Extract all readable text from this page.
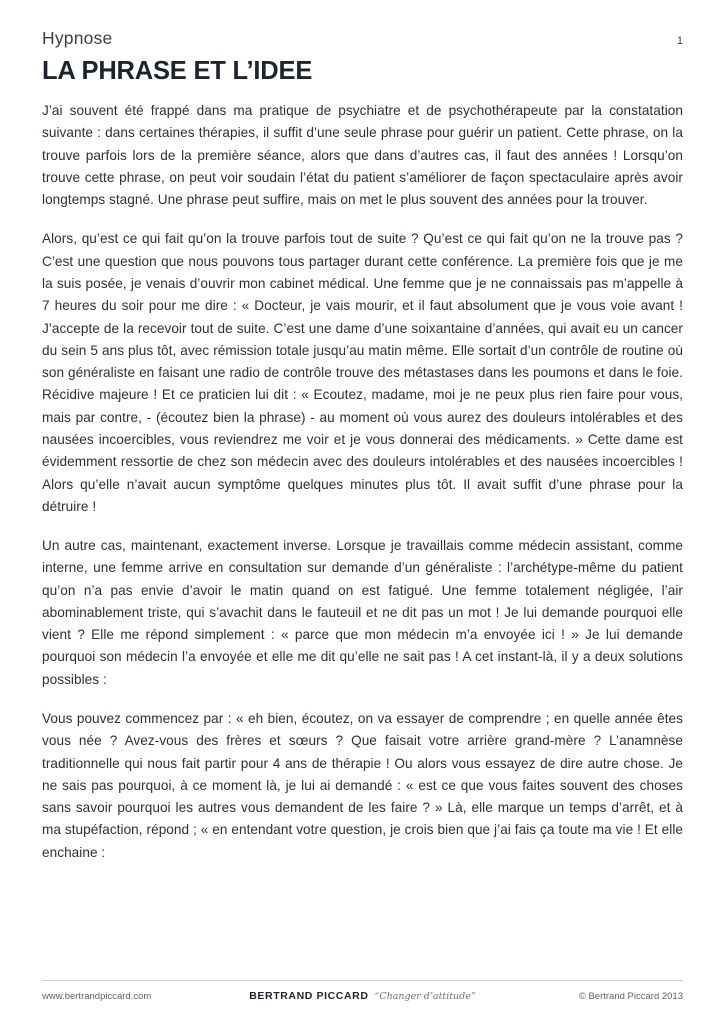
Hypnose	1
LA PHRASE ET L’IDEE

J’ai souvent été frappé dans ma pratique de psychiatre et de psychothérapeute par la constatation suivante : dans certaines thérapies, il suffit d’une seule phrase pour guérir un patient. Cette phrase, on la trouve parfois lors de la première séance, alors que dans d’autres cas, il faut des années ! Lorsqu’on trouve cette phrase, on peut voir soudain l’état du patient s’améliorer de façon spectaculaire après avoir longtemps stagné. Une phrase peut suffire, mais on met le plus souvent des années pour la trouver.

Alors, qu’est ce qui fait qu’on la trouve parfois tout de suite ? Qu’est ce qui fait qu’on ne la trouve pas ? C’est une question que nous pouvons tous partager durant cette conférence. La première fois que je me la suis posée, je venais d’ouvrir mon cabinet médical. Une femme que je ne connaissais pas m’appelle à 7 heures du soir pour me dire : « Docteur, je vais mourir, et il faut absolument que je vous voie avant ! J’accepte de la recevoir tout de suite. C’est une dame d’une soixantaine d’années, qui avait eu un cancer du sein 5 ans plus tôt, avec rémission totale jusqu’au matin même. Elle sortait d’un contrôle de routine où son généraliste en faisant une radio de contrôle trouve des métastases dans les poumons et dans le foie. Récidive majeure ! Et ce praticien lui dit : « Ecoutez, madame, moi je ne peux plus rien faire pour vous, mais par contre, - (écoutez bien la phrase) - au moment où vous aurez des douleurs intolérables et des nausées incoercibles, vous reviendrez me voir et je vous donnerai des médicaments. » Cette dame est évidemment ressortie de chez son médecin avec des douleurs intolérables et des nausées incoercibles ! Alors qu’elle n’avait aucun symptôme quelques minutes plus tôt. Il avait suffit d’une phrase pour la détruire !

Un autre cas, maintenant, exactement inverse. Lorsque je travaillais comme médecin assistant, comme interne, une femme arrive en consultation sur demande d’un généraliste : l’archétype-même du patient qu’on n’a pas envie d’avoir le matin quand on est fatigué. Une femme totalement négligée, l’air abominablement triste, qui s’avachit dans le fauteuil et ne dit pas un mot ! Je lui demande pourquoi elle vient ? Elle me répond simplement : « parce que mon médecin m’a envoyée ici ! » Je lui demande pourquoi son médecin l’a envoyée et elle me dit qu’elle ne sait pas ! A cet instant-là, il y a deux solutions possibles :

Vous pouvez commencez par : « eh bien, écoutez, on va essayer de comprendre ; en quelle année êtes vous née ? Avez-vous des frères et sœurs ? Que faisait votre arrière grand-mère ? L’anamnèse traditionnelle qui nous fait partir pour 4 ans de thérapie ! Ou alors vous essayez de dire autre chose. Je ne sais pas pourquoi, à ce moment là, je lui ai demandé : « est ce que vous faites souvent des choses sans savoir pourquoi les autres vous demandent de les faire ? » Là, elle marque un temps d’arrêt, et à ma stupéfaction, répond ; « en entendant votre question, je crois bien que j’ai fais ça toute ma vie ! Et elle enchaine :

www.bertrandpiccard.com	BERTRAND PICCARD “Changer d’attitude”	© Bertrand Piccard 2013
